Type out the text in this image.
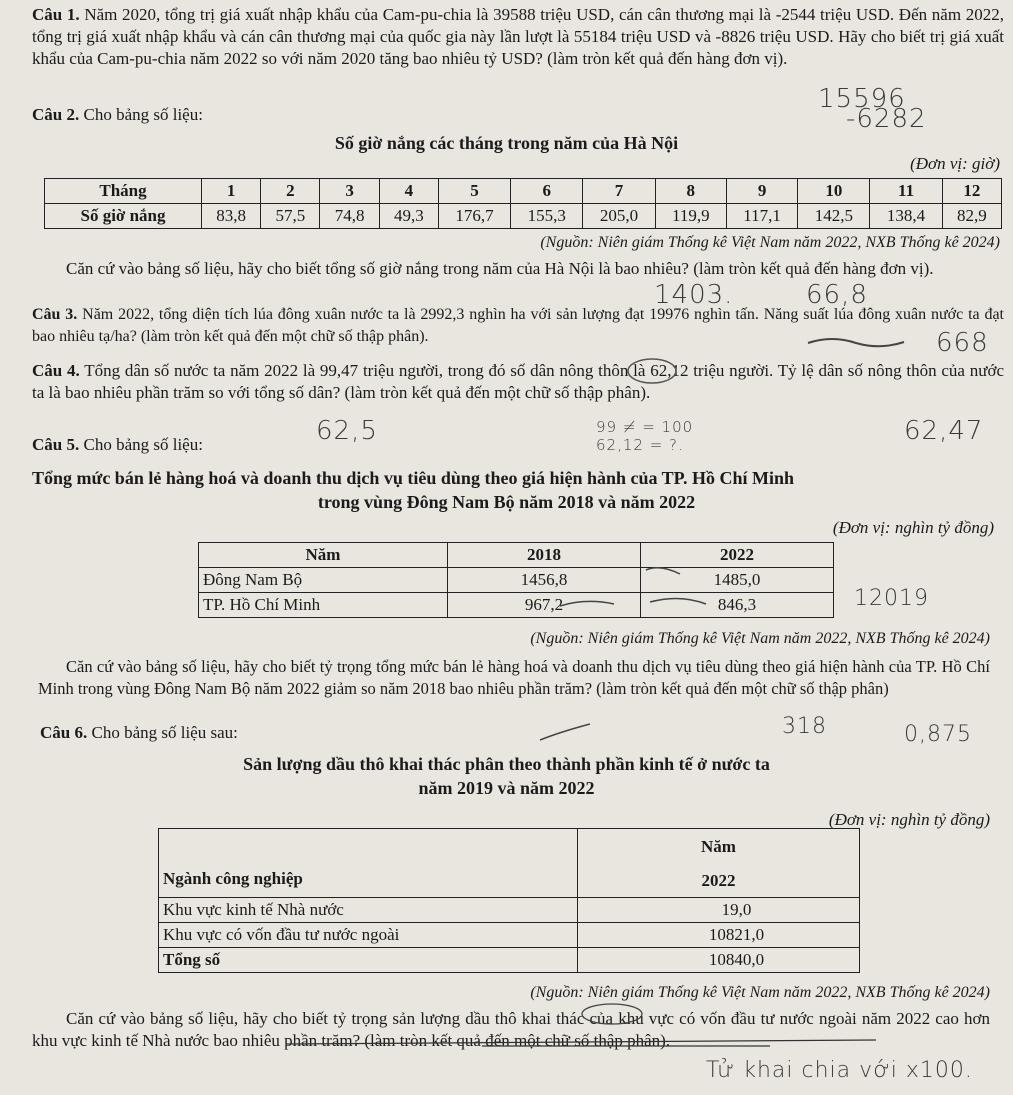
Câu 1. Năm 2020, tổng trị giá xuất nhập khẩu của Cam-pu-chia là 39588 triệu USD, cán cân thương mại là -2544 triệu USD. Đến năm 2022, tổng trị giá xuất nhập khẩu và cán cân thương mại của quốc gia này lần lượt là 55184 triệu USD và -8826 triệu USD. Hãy cho biết trị giá xuất khẩu của Cam-pu-chia năm 2022 so với năm 2020 tăng bao nhiêu tỷ USD? (làm tròn kết quả đến hàng đơn vị).
Câu 2. Cho bảng số liệu:
Số giờ nắng các tháng trong năm của Hà Nội
(Đơn vị: giờ)
Tháng	1	2	3	4	5	6	7	8	9	10	11	12
Số giờ nắng	83,8	57,5	74,8	49,3	176,7	155,3	205,0	119,9	117,1	142,5	138,4	82,9
(Nguồn: Niên giám Thống kê Việt Nam năm 2022, NXB Thống kê 2024)
Căn cứ vào bảng số liệu, hãy cho biết tổng số giờ nắng trong năm của Hà Nội là bao nhiêu? (làm tròn kết quả đến hàng đơn vị).
Câu 3. Năm 2022, tổng diện tích lúa đông xuân nước ta là 2992,3 nghìn ha với sản lượng đạt 19976 nghìn tấn. Năng suất lúa đông xuân nước ta đạt bao nhiêu tạ/ha? (làm tròn kết quả đến một chữ số thập phân).
Câu 4. Tổng dân số nước ta năm 2022 là 99,47 triệu người, trong đó số dân nông thôn là 62,12 triệu người. Tỷ lệ dân số nông thôn của nước ta là bao nhiêu phần trăm so với tổng số dân? (làm tròn kết quả đến một chữ số thập phân).
Câu 5. Cho bảng số liệu:
Tổng mức bán lẻ hàng hoá và doanh thu dịch vụ tiêu dùng theo giá hiện hành của TP. Hồ Chí Minh
trong vùng Đông Nam Bộ năm 2018 và năm 2022
(Đơn vị: nghìn tỷ đồng)
Năm	2018	2022
Đông Nam Bộ	1456,8	1485,0
TP. Hồ Chí Minh	967,2	846,3
(Nguồn: Niên giám Thống kê Việt Nam năm 2022, NXB Thống kê 2024)
Căn cứ vào bảng số liệu, hãy cho biết tỷ trọng tổng mức bán lẻ hàng hoá và doanh thu dịch vụ tiêu dùng theo giá hiện hành của TP. Hồ Chí Minh trong vùng Đông Nam Bộ năm 2022 giảm so năm 2018 bao nhiêu phần trăm? (làm tròn kết quả đến một chữ số thập phân)
Câu 6. Cho bảng số liệu sau:
Sản lượng dầu thô khai thác phân theo thành phần kinh tế ở nước ta
năm 2019 và năm 2022
(Đơn vị: nghìn tỷ đồng)
Ngành công nghiệp	Năm
	2022
Khu vực kinh tế Nhà nước	19,0
Khu vực có vốn đầu tư nước ngoài	10821,0
Tổng số	10840,0
(Nguồn: Niên giám Thống kê Việt Nam năm 2022, NXB Thống kê 2024)
Căn cứ vào bảng số liệu, hãy cho biết tỷ trọng sản lượng dầu thô khai thác của khu vực có vốn đầu tư nước ngoài năm 2022 cao hơn khu vực kinh tế Nhà nước bao nhiêu phần trăm? (làm tròn kết quả đến một chữ số thập phân).
15596
-6282
1403.	66,8
668
62,5	99 ≠ = 100
62,12 = ?.	62,47
12019
318	0,875
Tử khai chia với x100.
